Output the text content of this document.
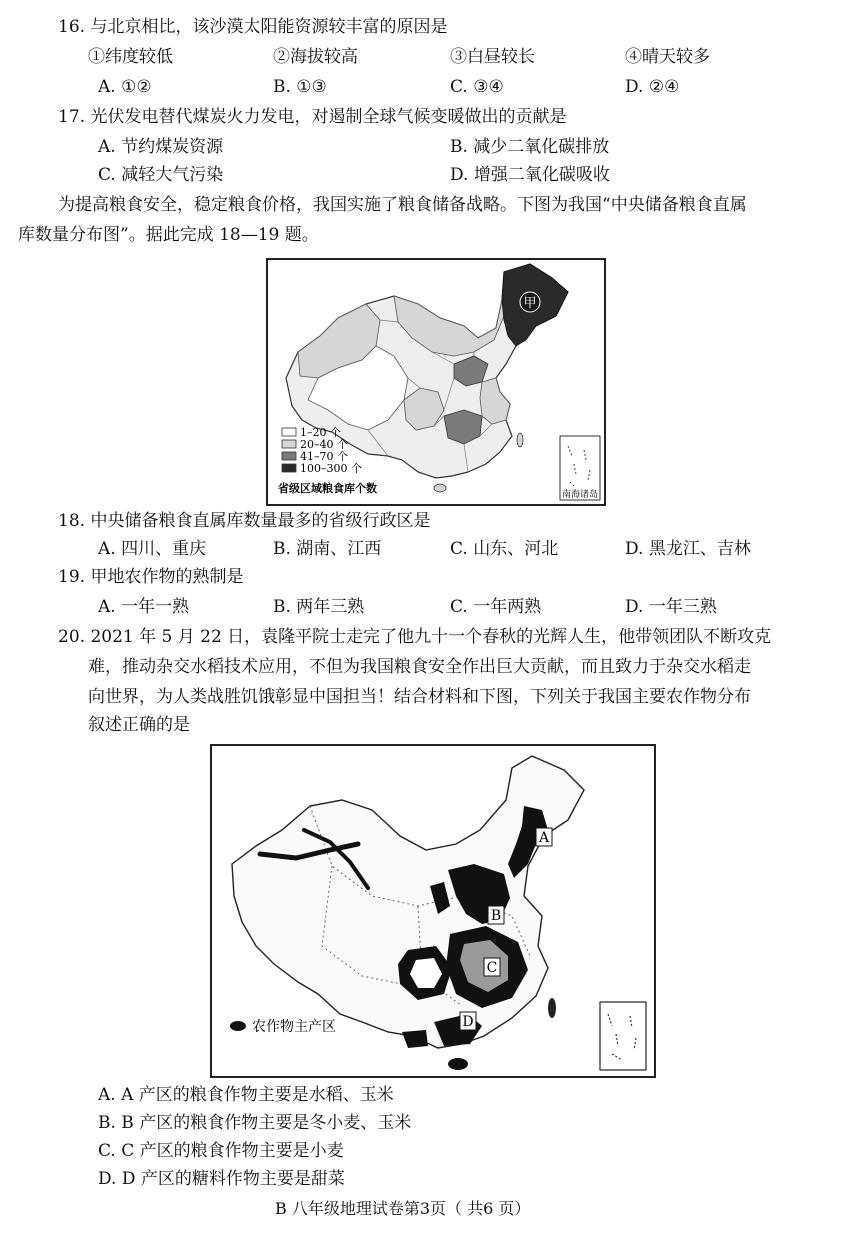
16. 与北京相比，该沙漠太阳能资源较丰富的原因是
①纬度较低	②海拔较高	③白昼较长	④晴天较多
A. ①②	B. ①③	C. ③④	D. ②④
17. 光伏发电替代煤炭火力发电，对遏制全球气候变暖做出的贡献是
A. 节约煤炭资源	B. 减少二氧化碳排放
C. 减轻大气污染	D. 增强二氧化碳吸收
为提高粮食安全，稳定粮食价格，我国实施了粮食储备战略。下图为我国“中央储备粮食直属
库数量分布图”。据此完成 18—19 题。
甲
1–20 个
20–40 个
41–70 个
100–300 个
省级区域粮食库个数	南海诸岛
18. 中央储备粮食直属库数量最多的省级行政区是
A. 四川、重庆	B. 湖南、江西	C. 山东、河北	D. 黑龙江、吉林
19. 甲地农作物的熟制是
A. 一年一熟	B. 两年三熟	C. 一年两熟	D. 一年三熟
20. 2021 年 5 月 22 日，袁隆平院士走完了他九十一个春秋的光辉人生，他带领团队不断攻克
难，推动杂交水稻技术应用，不但为我国粮食安全作出巨大贡献，而且致力于杂交水稻走
向世界，为人类战胜饥饿彰显中国担当！结合材料和下图，下列关于我国主要农作物分布
叙述正确的是
A
B
C
D
农作物主产区
A. A 产区的粮食作物主要是水稻、玉米
B. B 产区的粮食作物主要是冬小麦、玉米
C. C 产区的粮食作物主要是小麦
D. D 产区的糖料作物主要是甜菜
B 八年级地理试卷第3页（ 共6 页）
